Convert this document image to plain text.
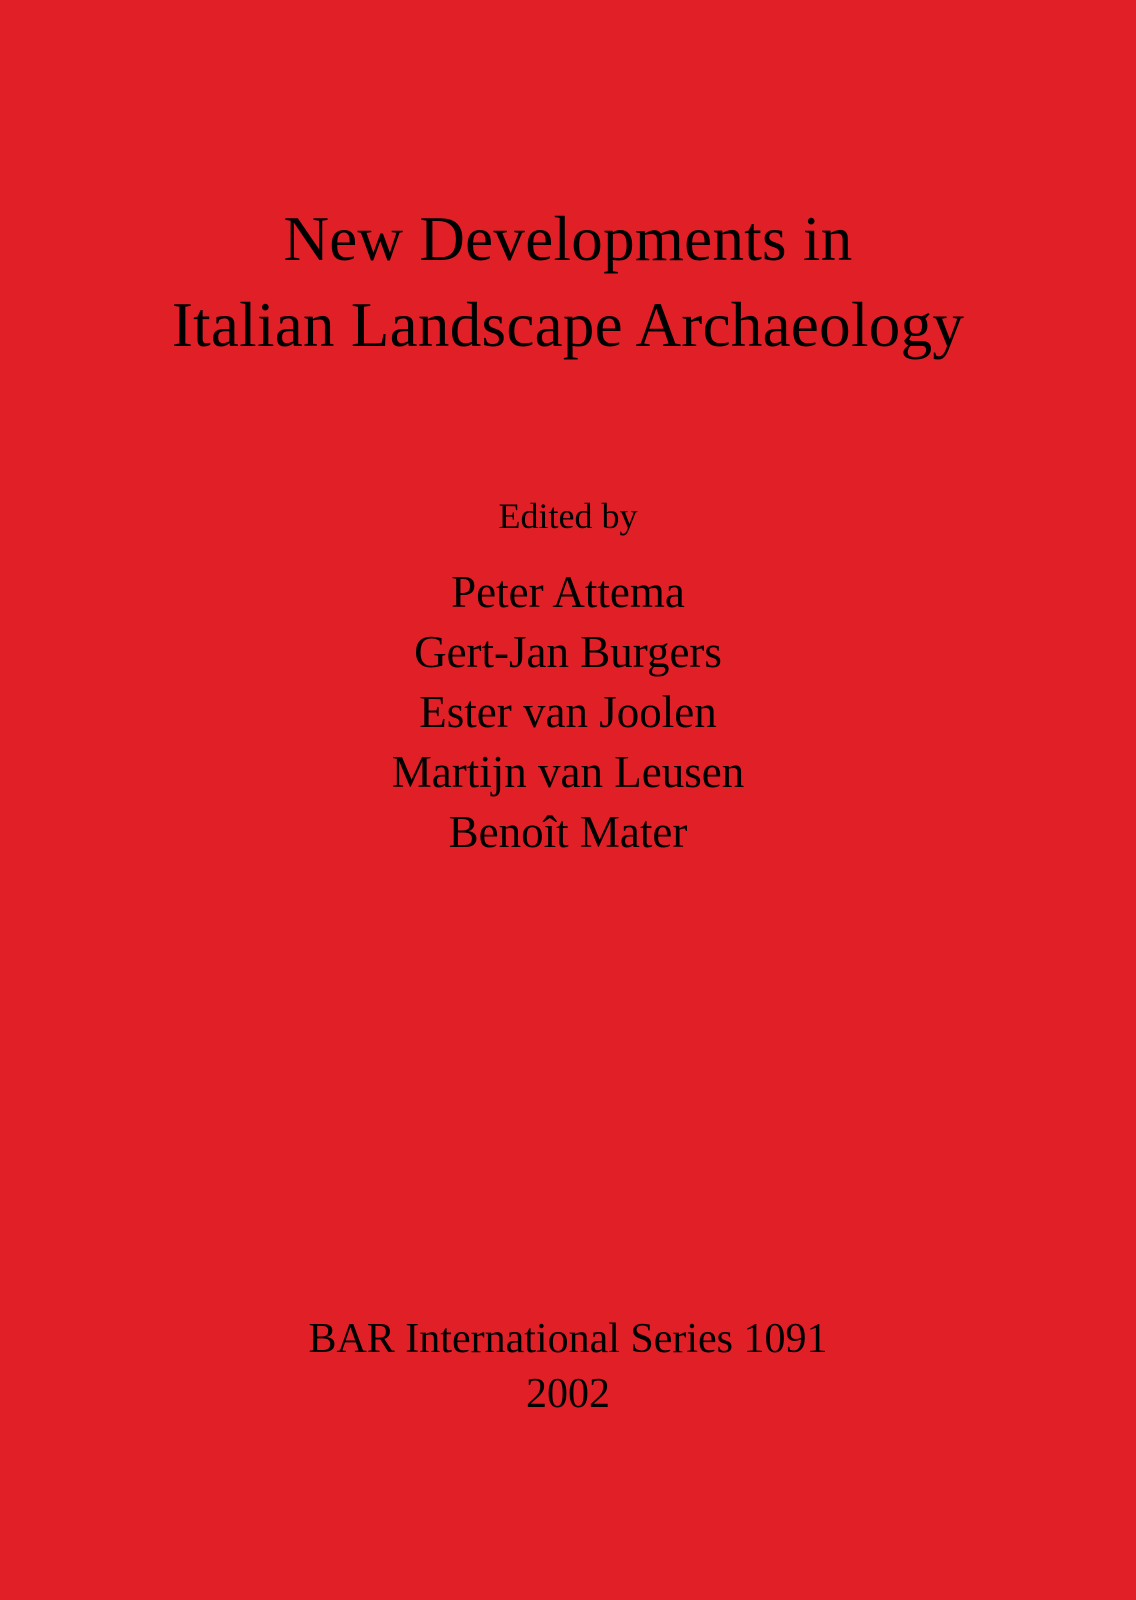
New Developments in
Italian Landscape Archaeology
Edited by
Peter Attema
Gert-Jan Burgers
Ester van Joolen
Martijn van Leusen
Benoît Mater
BAR International Series 1091
2002
